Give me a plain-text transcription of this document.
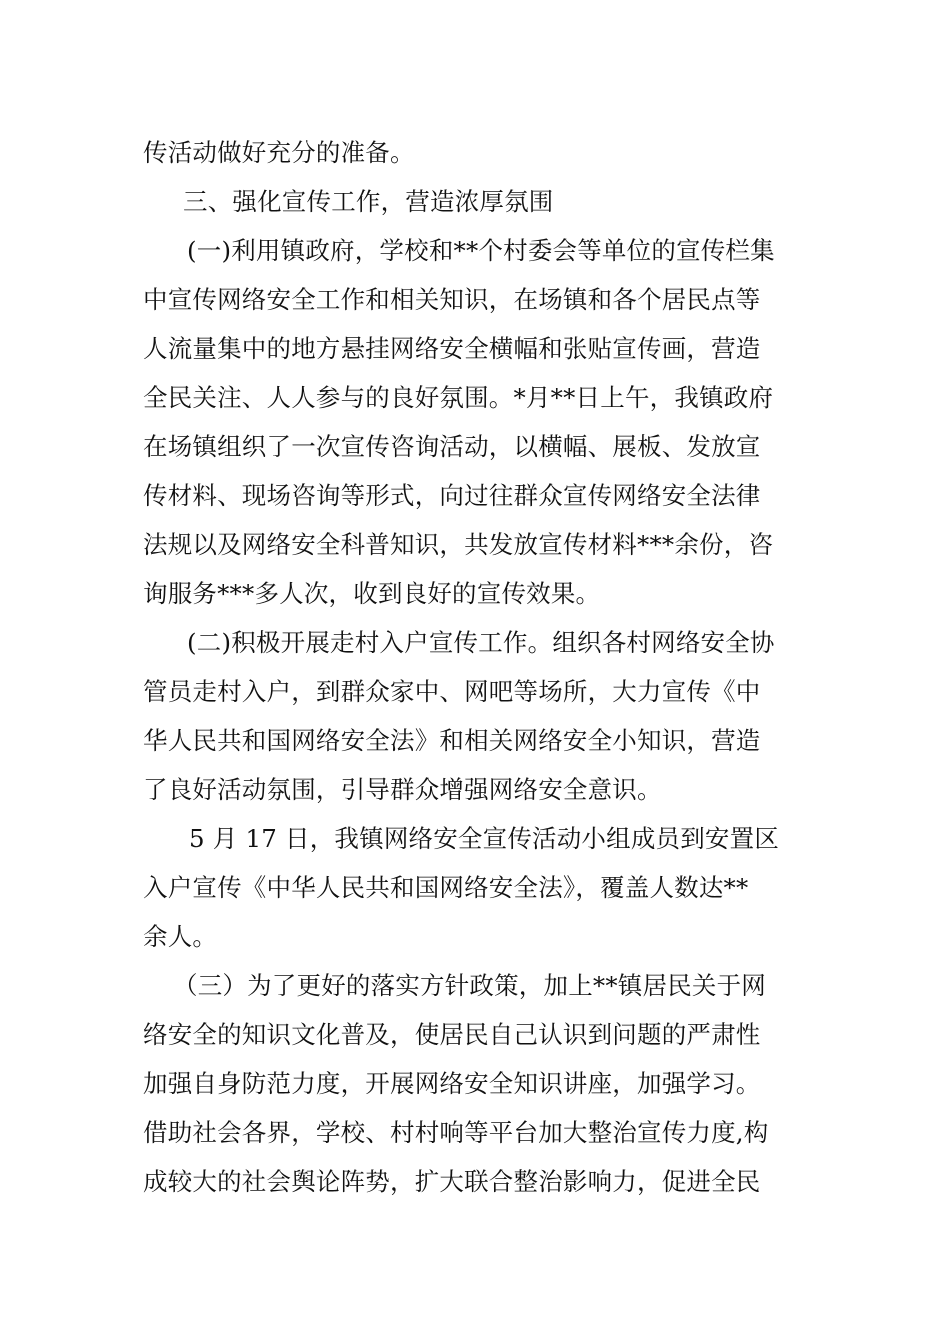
传活动做好充分的准备。

三、强化宣传工作，营造浓厚氛围

(一)利用镇政府，学校和**个村委会等单位的宣传栏集
中宣传网络安全工作和相关知识，在场镇和各个居民点等
人流量集中的地方悬挂网络安全横幅和张贴宣传画，营造
全民关注、人人参与的良好氛围。*月**日上午，我镇政府
在场镇组织了一次宣传咨询活动，以横幅、展板、发放宣
传材料、现场咨询等形式，向过往群众宣传网络安全法律
法规以及网络安全科普知识，共发放宣传材料***余份，咨
询服务***多人次，收到良好的宣传效果。

(二)积极开展走村入户宣传工作。组织各村网络安全协
管员走村入户，到群众家中、网吧等场所，大力宣传《中
华人民共和国网络安全法》和相关网络安全小知识，营造
了良好活动氛围，引导群众增强网络安全意识。

5 月 17 日，我镇网络安全宣传活动小组成员到安置区
入户宣传《中华人民共和国网络安全法》，覆盖人数达**
余人。

（三）为了更好的落实方针政策，加上**镇居民关于网
络安全的知识文化普及，使居民自己认识到问题的严肃性
加强自身防范力度，开展网络安全知识讲座，加强学习。
借助社会各界，学校、村村响等平台加大整治宣传力度,构
成较大的社会舆论阵势，扩大联合整治影响力，促进全民
